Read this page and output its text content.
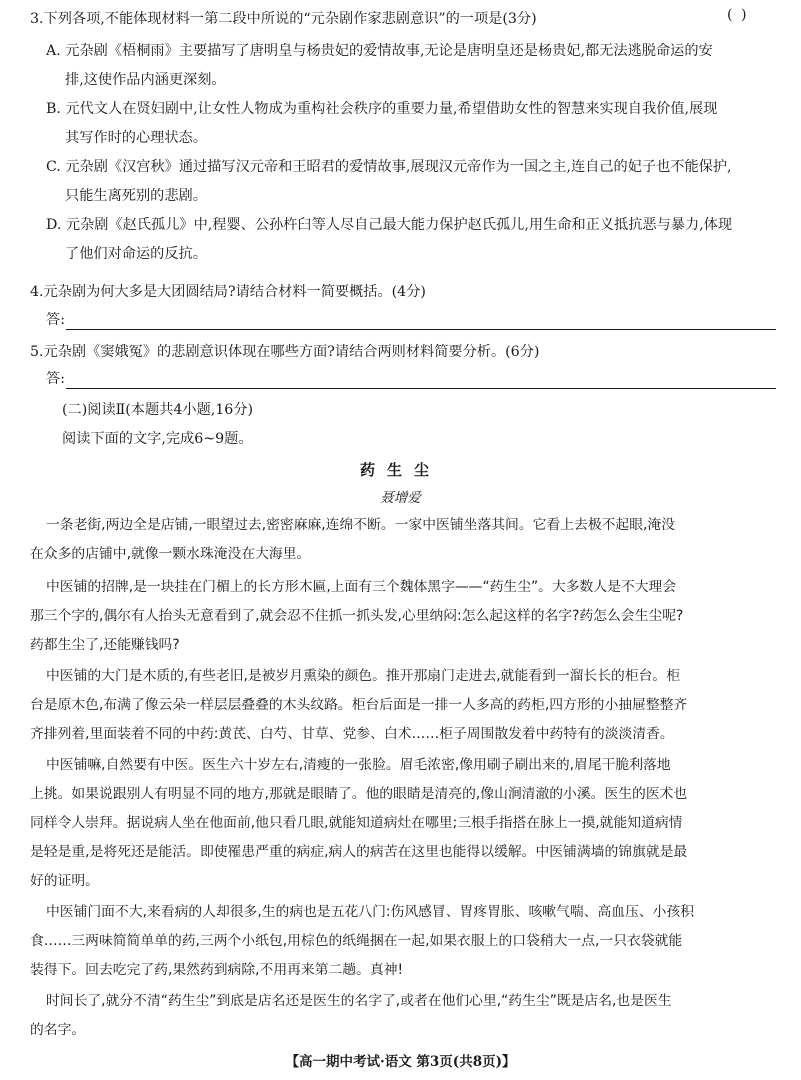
3.下列各项,不能体现材料一第二段中所说的“元杂剧作家悲剧意识”的一项是(3分)	( )
A. 元杂剧《梧桐雨》主要描写了唐明皇与杨贵妃的爱情故事,无论是唐明皇还是杨贵妃,都无法逃脱命运的安
排,这使作品内涵更深刻。
B. 元代文人在贤妇剧中,让女性人物成为重构社会秩序的重要力量,希望借助女性的智慧来实现自我价值,展现
其写作时的心理状态。
C. 元杂剧《汉宫秋》通过描写汉元帝和王昭君的爱情故事,展现汉元帝作为一国之主,连自己的妃子也不能保护,
只能生离死别的悲剧。
D. 元杂剧《赵氏孤儿》中,程婴、公孙杵臼等人尽自己最大能力保护赵氏孤儿,用生命和正义抵抗恶与暴力,体现
了他们对命运的反抗。
4.元杂剧为何大多是大团圆结局?请结合材料一简要概括。(4分)
答:
5.元杂剧《窦娥冤》的悲剧意识体现在哪些方面?请结合两则材料简要分析。(6分)
答:
(二)阅读Ⅱ(本题共4小题,16分)
阅读下面的文字,完成6~9题。
药生尘
聂增爱
一条老街,两边全是店铺,一眼望过去,密密麻麻,连绵不断。一家中医铺坐落其间。它看上去极不起眼,淹没
在众多的店铺中,就像一颗水珠淹没在大海里。
中医铺的招牌,是一块挂在门楣上的长方形木匾,上面有三个魏体黑字——“药生尘”。大多数人是不大理会
那三个字的,偶尔有人抬头无意看到了,就会忍不住抓一抓头发,心里纳闷:怎么起这样的名字?药怎么会生尘呢?
药都生尘了,还能赚钱吗?
中医铺的大门是木质的,有些老旧,是被岁月熏染的颜色。推开那扇门走进去,就能看到一溜长长的柜台。柜
台是原木色,布满了像云朵一样层层叠叠的木头纹路。柜台后面是一排一人多高的药柜,四方形的小抽屉整整齐
齐排列着,里面装着不同的中药:黄芪、白芍、甘草、党参、白术……柜子周围散发着中药特有的淡淡清香。
中医铺嘛,自然要有中医。医生六十岁左右,清瘦的一张脸。眉毛浓密,像用刷子刷出来的,眉尾干脆利落地
上挑。如果说跟别人有明显不同的地方,那就是眼睛了。他的眼睛是清亮的,像山涧清澈的小溪。医生的医术也
同样令人崇拜。据说病人坐在他面前,他只看几眼,就能知道病灶在哪里;三根手指搭在脉上一摸,就能知道病情
是轻是重,是将死还是能活。即使罹患严重的病症,病人的病苦在这里也能得以缓解。中医铺满墙的锦旗就是最
好的证明。
中医铺门面不大,来看病的人却很多,生的病也是五花八门:伤风感冒、胃疼胃胀、咳嗽气喘、高血压、小孩积
食……三两味简简单单的药,三两个小纸包,用棕色的纸绳捆在一起,如果衣服上的口袋稍大一点,一只衣袋就能
装得下。回去吃完了药,果然药到病除,不用再来第二趟。真神!
时间长了,就分不清“药生尘”到底是店名还是医生的名字了,或者在他们心里,“药生尘”既是店名,也是医生
的名字。
【高一期中考试·语文 第3页(共8页)】
